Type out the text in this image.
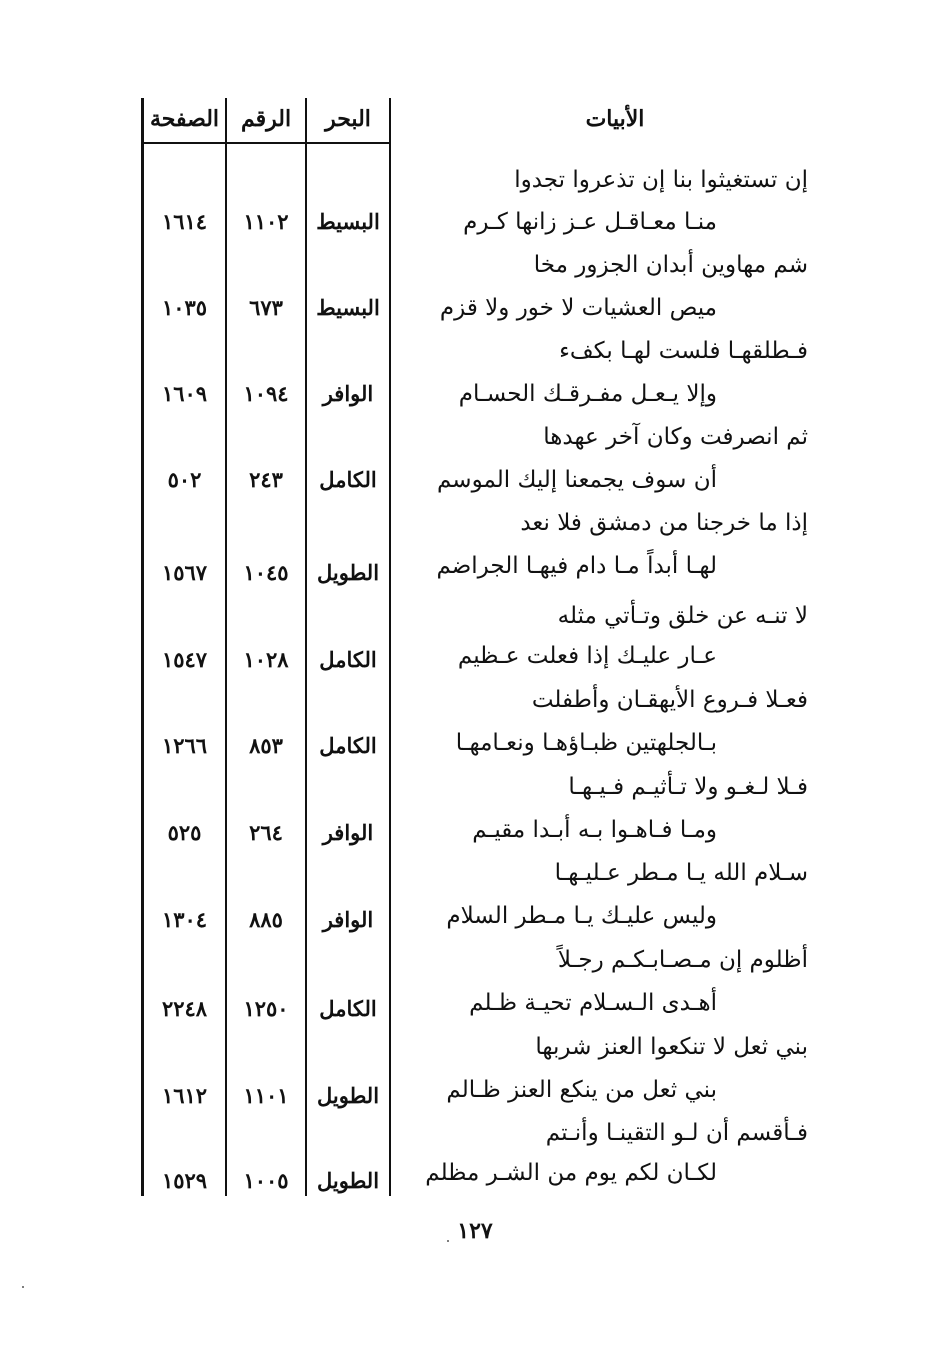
الأبيات
البحر
الرقم
الصفحة
إن تستغيثوا بنا إن تذعروا تجدوا
منـا معـاقـل عـز زانها كـرم
البسيط
١١٠٢
١٦١٤
شم مهاوين أبدان الجزور مخا
ميص العشيات لا خور ولا قزم
البسيط
٦٧٣
١٠٣٥
فـطلقهـا فلست لهـا بكفء
وإلا يـعـل مفـرقـك الحسـام
الوافر
١٠٩٤
١٦٠٩
ثم انصرفت وكان آخر عهدها
أن سوف يجمعنا إليك الموسم
الكامل
٢٤٣
٥٠٢
إذا ما خرجنا من دمشق فلا نعد
لهـا أبداً مـا دام فيهـا الجراضم
الطويل
١٠٤٥
١٥٦٧
لا تنـه عن خلق وتـأتي مثله
عـار عليـك إذا فعلت عـظيم
الكامل
١٠٢٨
١٥٤٧
فعـلا فـروع الأيهقـان وأطفلت
بـالجلهتين ظبـاؤهـا ونعـامهـا
الكامل
٨٥٣
١٢٦٦
فـلا لـغـو ولا تـأثيـم فـيـهـا
ومـا فـاهـوا بـه أبـدا مقيـم
الوافر
٢٦٤
٥٢٥
سـلام الله يـا مـطر عـليـهـا
وليس عليـك يـا مـطر السلام
الوافر
٨٨٥
١٣٠٤
أظلوم إن مـصـابـكـم رجـلاً
أهـدى الـسـلام تحيـة ظـلم
الكامل
١٢٥٠
٢٢٤٨
بني ثعل لا تنكعوا العنز شربها
بني ثعل من ينكع العنز ظـالم
الطويل
١١٠١
١٦١٢
فـأقسم أن لـو التقينـا وأنـتم
لكـان لكم يوم من الشـر مظلم
الطويل
١٠٠٥
١٥٢٩
١٢٧
